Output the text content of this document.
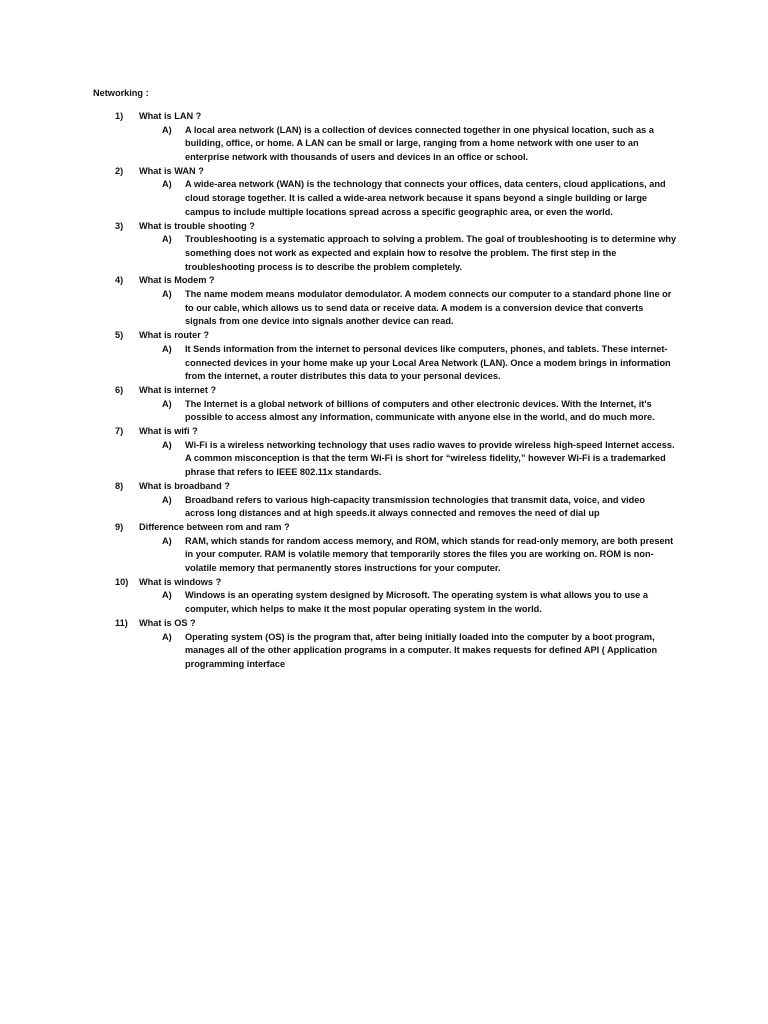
Networking :
1) What is LAN ?
A) A local area network (LAN) is a collection of devices connected together in one physical location, such as a building, office, or home. A LAN can be small or large, ranging from a home network with one user to an enterprise network with thousands of users and devices in an office or school.
2) What is WAN ?
A) A wide-area network (WAN) is the technology that connects your offices, data centers, cloud applications, and cloud storage together. It is called a wide-area network because it spans beyond a single building or large campus to include multiple locations spread across a specific geographic area, or even the world.
3) What is trouble shooting ?
A) Troubleshooting is a systematic approach to solving a problem. The goal of troubleshooting is to determine why something does not work as expected and explain how to resolve the problem. The first step in the troubleshooting process is to describe the problem completely.
4) What is Modem ?
A) The name modem means modulator demodulator. A modem connects our computer to a standard phone line or to our cable, which allows us to send data or receive data. A modem is a conversion device that converts signals from one device into signals another device can read.
5) What is router ?
A) It Sends information from the internet to personal devices like computers, phones, and tablets. These internet-connected devices in your home make up your Local Area Network (LAN). Once a modem brings in information from the internet, a router distributes this data to your personal devices.
6) What is internet ?
A) The Internet is a global network of billions of computers and other electronic devices. With the Internet, it's possible to access almost any information, communicate with anyone else in the world, and do much more.
7) What is wifi ?
A) Wi-Fi is a wireless networking technology that uses radio waves to provide wireless high-speed Internet access. A common misconception is that the term Wi-Fi is short for “wireless fidelity,” however Wi-Fi is a trademarked phrase that refers to IEEE 802.11x standards.
8) What is broadband ?
A) Broadband refers to various high-capacity transmission technologies that transmit data, voice, and video across long distances and at high speeds.it always connected and removes the need of dial up
9) Difference between rom and ram ?
A) RAM, which stands for random access memory, and ROM, which stands for read-only memory, are both present in your computer. RAM is volatile memory that temporarily stores the files you are working on. ROM is non-volatile memory that permanently stores instructions for your computer.
10) What is windows ?
A) Windows is an operating system designed by Microsoft. The operating system is what allows you to use a computer, which helps to make it the most popular operating system in the world.
11) What is OS ?
A) Operating system (OS) is the program that, after being initially loaded into the computer by a boot program, manages all of the other application programs in a computer. It makes requests for defined API ( Application programming interface
